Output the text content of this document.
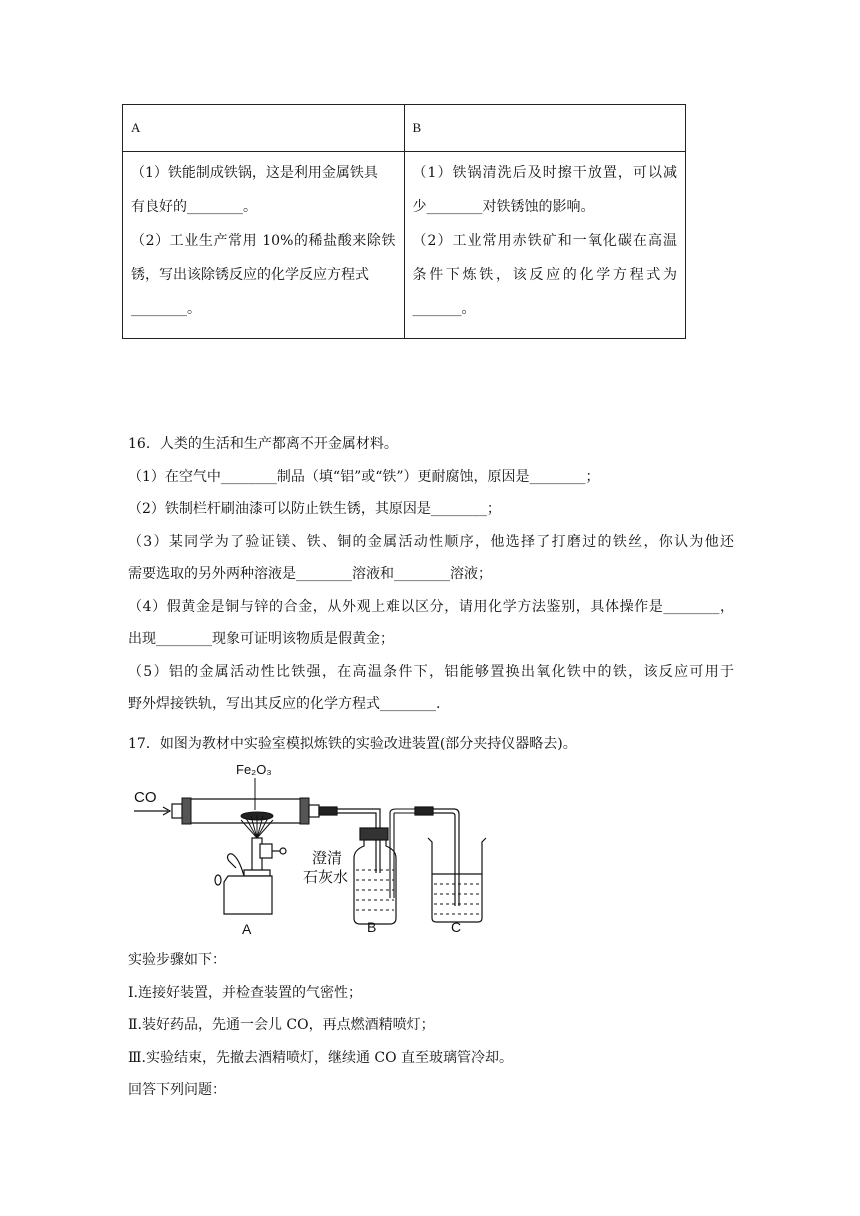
A	B

（1）铁能制成铁锅，这是利用金属铁具
有良好的________。
（2）工业生产常用 10%的稀盐酸来除铁
锈，写出该除锈反应的化学反应方程式
________。	（1）铁锅清洗后及时擦干放置，可以减
少________对铁锈蚀的影响。
（2）工业常用赤铁矿和一氧化碳在高温
条件下炼铁，该反应的化学方程式为
_______。
16．人类的生活和生产都离不开金属材料。
（1）在空气中________制品（填“铝”或“铁”）更耐腐蚀，原因是________；
（2）铁制栏杆刷油漆可以防止铁生锈，其原因是________；
（3）某同学为了验证镁、铁、铜的金属活动性顺序，他选择了打磨过的铁丝，你认为他还
需要选取的另外两种溶液是________溶液和________溶液；
（4）假黄金是铜与锌的合金，从外观上难以区分，请用化学方法鉴别，具体操作是________，
出现________现象可证明该物质是假黄金；
（5）铝的金属活动性比铁强，在高温条件下，铝能够置换出氧化铁中的铁，该反应可用于
野外焊接铁轨，写出其反应的化学方程式________.
17．如图为教材中实验室模拟炼铁的实验改进装置(部分夹持仪器略去)。
CO
Fe₂O₃
澄清
石灰水
A	B	C
实验步骤如下：
Ⅰ.连接好装置，并检查装置的气密性；
Ⅱ.装好药品，先通一会儿 CO，再点燃酒精喷灯；
Ⅲ.实验结束，先撤去酒精喷灯，继续通 CO 直至玻璃管冷却。
回答下列问题：
